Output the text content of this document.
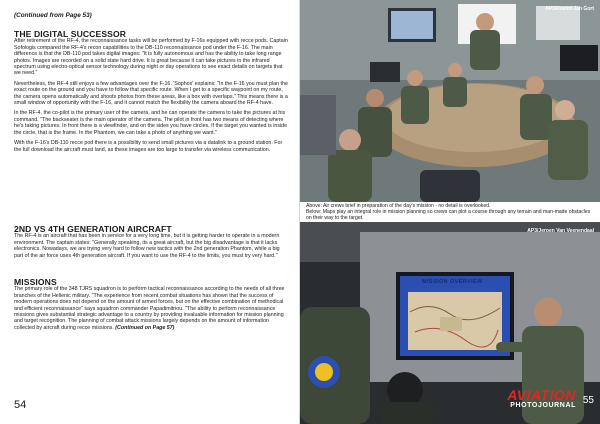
(Continued from Page 53)
THE DIGITAL SUCCESSOR

After retirement of the RF-4, the reconnaissance tasks will be performed by F-16s equipped with recce pods. Captain Sofologis compared the RF-4's recon capabilities to the DB-110 reconnaissance pod under the F-16. The main difference is that the DB-110 pod takes digital images: "It is fully autonomous and has the ability to take long range photos. Images are recorded on a solid state hard drive. It is great because it can take pictures in the infrared spectrum using electro-optical sensor technology during night or day operations to see exact details on targets that we need."

Nevertheless, the RF-4 still enjoys a few advantages over the F-16. 'Sophos' explains: "In the F-16 you must plan the exact route on the ground and you have to follow that specific route. When I get to a specific waypoint on my route, the camera opens automatically and shoots photos from these areas, like a box with overlaps." This means there is a small window of opportunity with the F-16, and it cannot match the flexibility the camera aboard the RF-4 have.

In the RF-4, the co-pilot is the primary user of the camera, and he can operate the camera to take the pictures at his command. "The backseater is the main operator of the camera. The pilot in front has two means of detecting where he's taking pictures. In front there is a viewfinder, and on the sides you have circles. If the target you wanted is inside the circle, that is the frame. In the Phantom, we can take a photo of anything we want."

With the F-16's DB-110 recce pod there is a possibility to send small pictures via a datalink to a ground station. For the full download the aircraft must land, as these images are too large to transfer via wireless communication.

2ND VS 4TH GENERATION AIRCRAFT

The RF-4 is an aircraft that has been in service for a very long time, but it is getting harder to operate in a modern environment. The captain states: "Generally speaking, its a great aircraft, but the big disadvantage is that it lacks electronics. Nowadays, we are trying very hard to follow new tactics with the 2nd generation Phantom, while a big part of the air force uses 4th generation aircraft. If you want to use the RF-4 to the limits, you must try very hard."

MISSIONS

The primary role of the 348 TJRS squadron is to perform tactical reconnaissance according to the needs of all three branches of the Hellenic military. "The experience from recent combat situations has shown that the success of modern operations does not depend on the amount of armed forces, but on the effective combination of methodical and efficient reconnaissance" says squadron commander Papadimitriou. "The ability to perform reconnaissance missions gives substantial strategic advantage to a country by providing invaluable information for mission planning and target recognition. The planning of combat attack missions largely depends on the amount of information collected by aircraft during recce missions. (Continued on Page 57)

54
AP3/Roelof-Jan Gort

Above: Air crews brief in preparation of the day's mission - no detail is overlooked.

Below: Maps play an integral role in mission planning so crews can plot a course through any terrain and man-made obstacles on their way to the target.

AP3/Jeroen Van Veenendaal
MISSION OVERVIEW
AVIATION
PHOTOJOURNAL 55
